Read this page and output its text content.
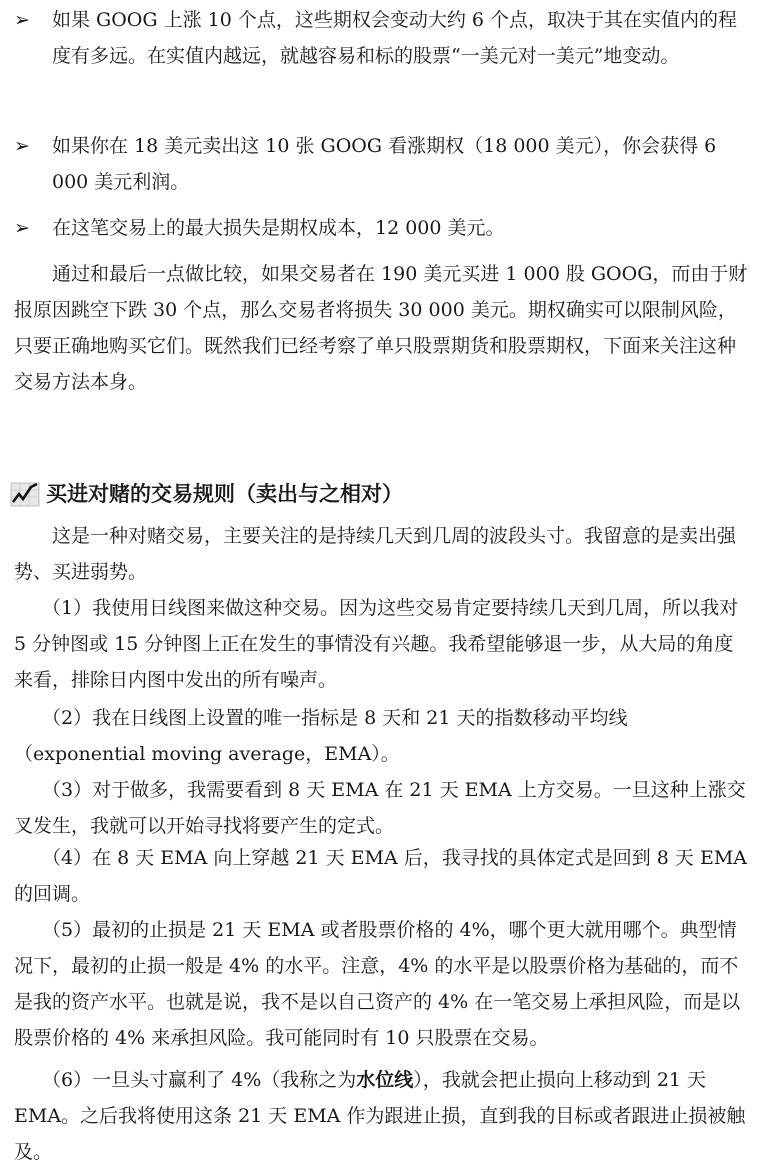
➢	如果 GOOG 上涨 10 个点，这些期权会变动大约 6 个点，取决于其在实值内的程度有多远。在实值内越远，就越容易和标的股票“一美元对一美元”地变动。
➢	如果你在 18 美元卖出这 10 张 GOOG 看涨期权（18 000 美元），你会获得 6 000 美元利润。
➢	在这笔交易上的最大损失是期权成本，12 000 美元。

通过和最后一点做比较，如果交易者在 190 美元买进 1 000 股 GOOG，而由于财报原因跳空下跌 30 个点，那么交易者将损失 30 000 美元。期权确实可以限制风险，只要正确地购买它们。既然我们已经考察了单只股票期货和股票期权，下面来关注这种交易方法本身。

买进对赌的交易规则（卖出与之相对）

这是一种对赌交易，主要关注的是持续几天到几周的波段头寸。我留意的是卖出强势、买进弱势。

（1）我使用日线图来做这种交易。因为这些交易肯定要持续几天到几周，所以我对 5 分钟图或 15 分钟图上正在发生的事情没有兴趣。我希望能够退一步，从大局的角度来看，排除日内图中发出的所有噪声。

（2）我在日线图上设置的唯一指标是 8 天和 21 天的指数移动平均线（exponential moving average，EMA）。

（3）对于做多，我需要看到 8 天 EMA 在 21 天 EMA 上方交易。一旦这种上涨交叉发生，我就可以开始寻找将要产生的定式。

（4）在 8 天 EMA 向上穿越 21 天 EMA 后，我寻找的具体定式是回到 8 天 EMA 的回调。

（5）最初的止损是 21 天 EMA 或者股票价格的 4%，哪个更大就用哪个。典型情况下，最初的止损一般是 4% 的水平。注意，4% 的水平是以股票价格为基础的，而不是我的资产水平。也就是说，我不是以自己资产的 4% 在一笔交易上承担风险，而是以股票价格的 4% 来承担风险。我可能同时有 10 只股票在交易。

（6）一旦头寸赢利了 4%（我称之为水位线），我就会把止损向上移动到 21 天 EMA。之后我将使用这条 21 天 EMA 作为跟进止损，直到我的目标或者跟进止损被触及。
